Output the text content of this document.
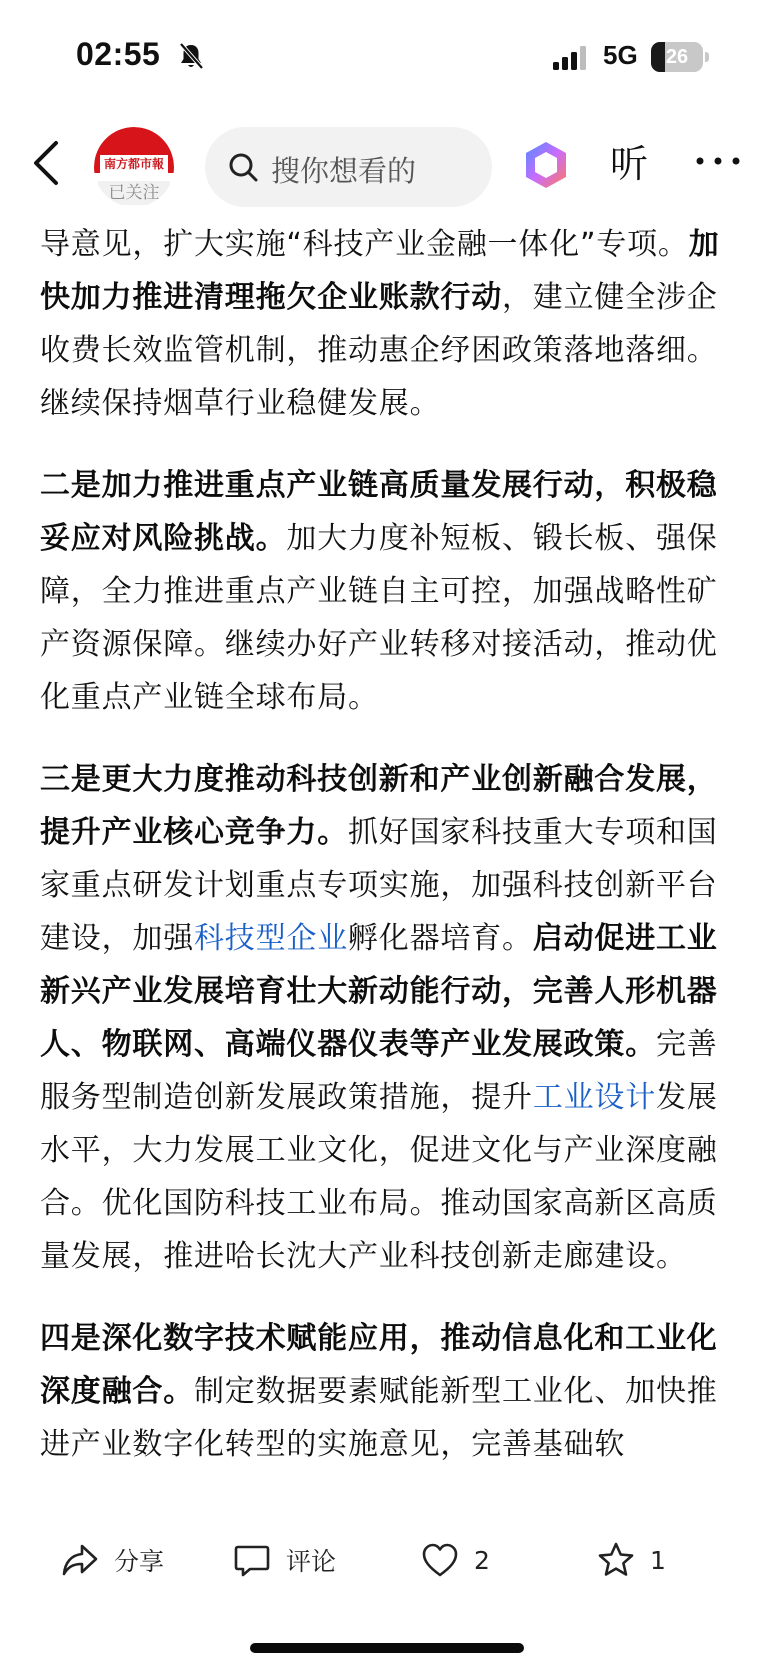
02:55	5G	26
南方都市報
已关注
搜你想看的	听

导意见，扩大实施“科技产业金融一体化”专项。加快加力推进清理拖欠企业账款行动，建立健全涉企收费长效监管机制，推动惠企纾困政策落地落细。继续保持烟草行业稳健发展。

二是加力推进重点产业链高质量发展行动，积极稳妥应对风险挑战。加大力度补短板、锻长板、强保障，全力推进重点产业链自主可控，加强战略性矿产资源保障。继续办好产业转移对接活动，推动优化重点产业链全球布局。

三是更大力度推动科技创新和产业创新融合发展，提升产业核心竞争力。抓好国家科技重大专项和国家重点研发计划重点专项实施，加强科技创新平台建设，加强科技型企业孵化器培育。启动促进工业新兴产业发展培育壮大新动能行动，完善人形机器人、物联网、高端仪器仪表等产业发展政策。完善服务型制造创新发展政策措施，提升工业设计发展水平，大力发展工业文化，促进文化与产业深度融合。优化国防科技工业布局。推动国家高新区高质量发展，推进哈长沈大产业科技创新走廊建设。

四是深化数字技术赋能应用，推动信息化和工业化深度融合。制定数据要素赋能新型工业化、加快推进产业数字化转型的实施意见，完善基础软

分享	评论	2	1
